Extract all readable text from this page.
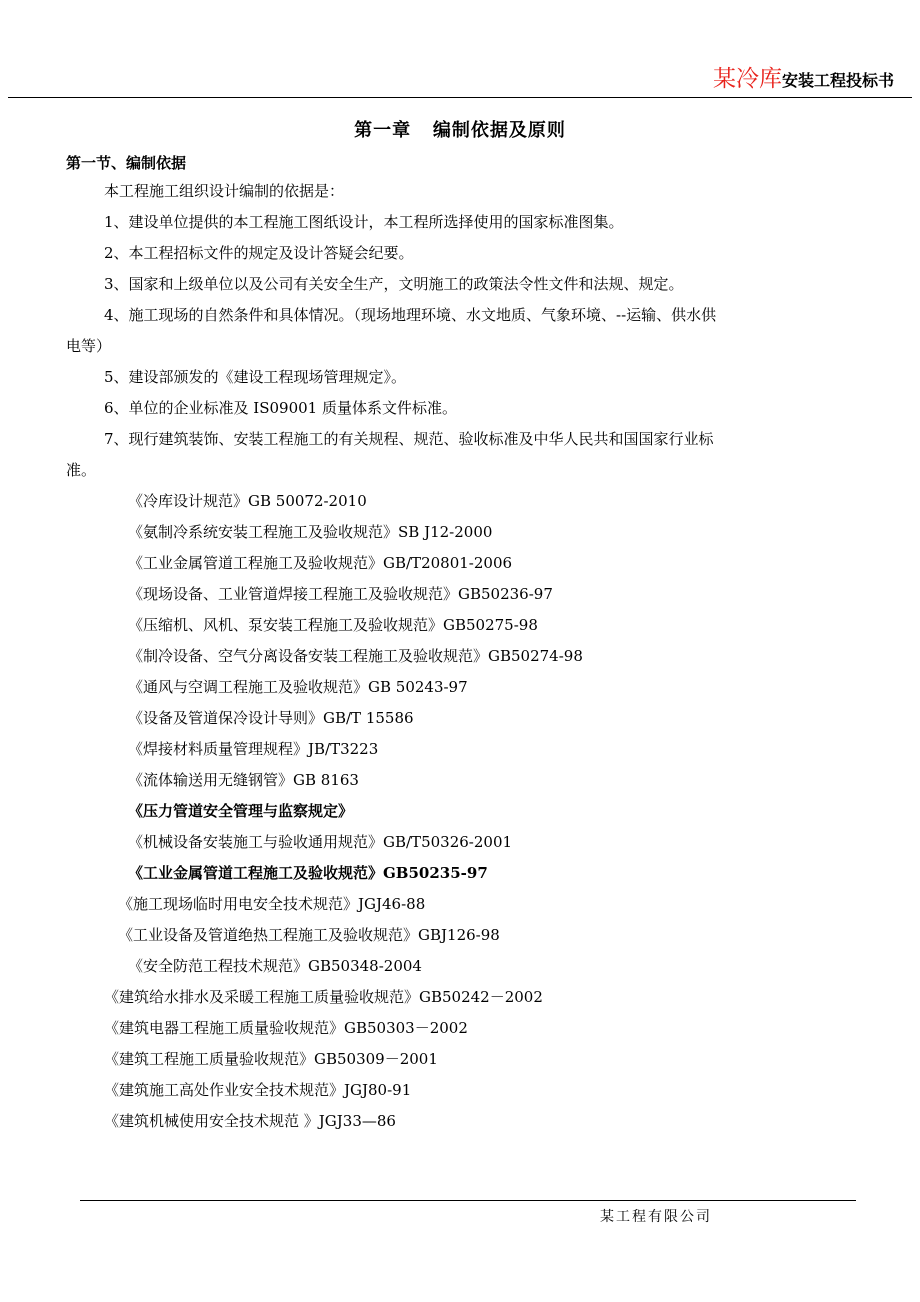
某冷库安装工程投标书
第一章   编制依据及原则
第一节、编制依据
本工程施工组织设计编制的依据是：
1、建设单位提供的本工程施工图纸设计，本工程所选择使用的国家标准图集。
2、本工程招标文件的规定及设计答疑会纪要。
3、国家和上级单位以及公司有关安全生产，文明施工的政策法令性文件和法规、规定。
4、施工现场的自然条件和具体情况。（现场地理环境、水文地质、气象环境、--运输、供水供
电等）
5、建设部颁发的《建设工程现场管理规定》。
6、单位的企业标准及 IS09001 质量体系文件标准。
7、现行建筑装饰、安装工程施工的有关规程、规范、验收标准及中华人民共和国国家行业标
准。
《冷库设计规范》GB 50072-2010
《氨制冷系统安装工程施工及验收规范》SB J12-2000
《工业金属管道工程施工及验收规范》GB/T20801-2006
《现场设备、工业管道焊接工程施工及验收规范》GB50236-97
《压缩机、风机、泵安装工程施工及验收规范》GB50275-98
《制冷设备、空气分离设备安装工程施工及验收规范》GB50274-98
《通风与空调工程施工及验收规范》GB 50243-97
《设备及管道保冷设计导则》GB/T 15586
《焊接材料质量管理规程》JB/T3223
《流体输送用无缝钢管》GB 8163
《压力管道安全管理与监察规定》
《机械设备安装施工与验收通用规范》GB/T50326-2001
《工业金属管道工程施工及验收规范》GB50235-97
《施工现场临时用电安全技术规范》JGJ46-88
《工业设备及管道绝热工程施工及验收规范》GBJ126-98
《安全防范工程技术规范》GB50348-2004
《建筑给水排水及采暖工程施工质量验收规范》GB50242－2002
《建筑电器工程施工质量验收规范》GB50303－2002
《建筑工程施工质量验收规范》GB50309－2001
《建筑施工高处作业安全技术规范》JGJ80-91
《建筑机械使用安全技术规范 》JGJ33—86
某工程有限公司
